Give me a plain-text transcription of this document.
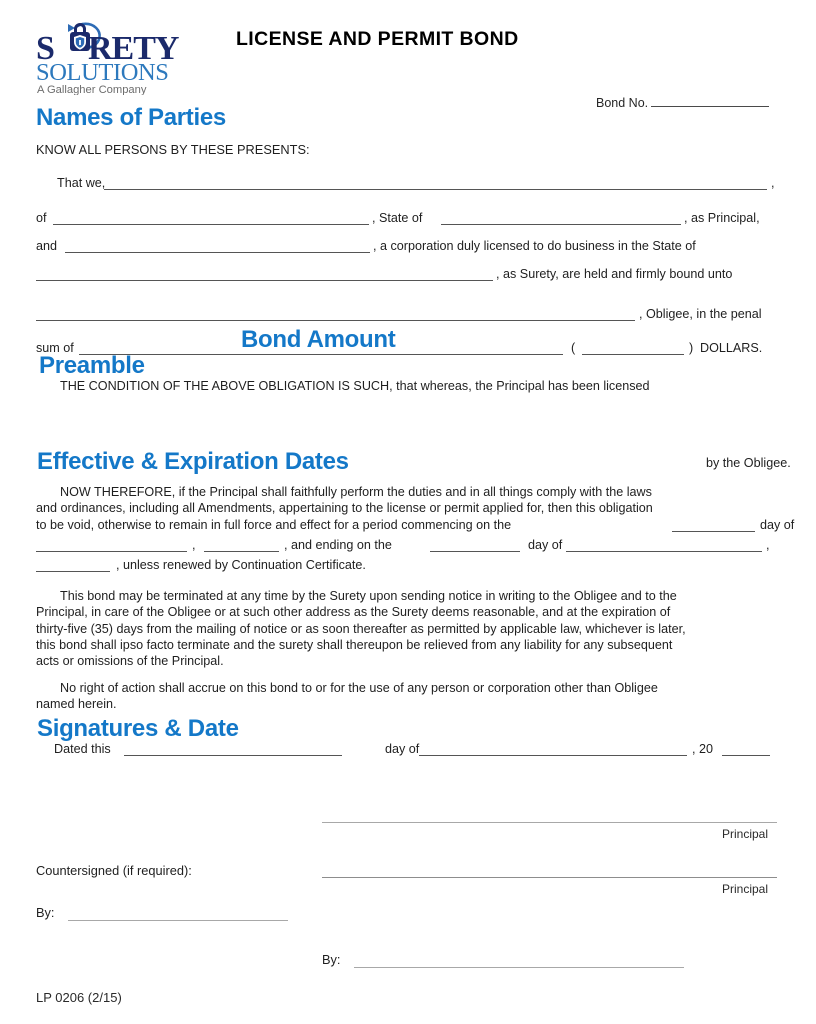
S RETY
SOLUTIONS
A Gallagher Company
LICENSE AND PERMIT BOND
Bond No.
Names of Parties
KNOW ALL PERSONS BY THESE PRESENTS:
That we,	,
of	, State of	, as Principal,
and	, a corporation duly licensed to do business in the State of
, as Surety, are held and firmly bound unto
, Obligee, in the penal
sum of	(	) DOLLARS.
Bond Amount
Preamble
THE CONDITION OF THE ABOVE OBLIGATION IS SUCH, that whereas, the Principal has been licensed
Effective & Expiration Dates	by the Obligee.
NOW THEREFORE, if the Principal shall faithfully perform the duties and in all things comply with the laws
and ordinances, including all Amendments, appertaining to the license or permit applied for, then this obligation
to be void, otherwise to remain in full force and effect for a period commencing on the	day of
,	, and ending on the	day of	,
, unless renewed by Continuation Certificate.
This bond may be terminated at any time by the Surety upon sending notice in writing to the Obligee and to the
Principal, in care of the Obligee or at such other address as the Surety deems reasonable, and at the expiration of
thirty-five (35) days from the mailing of notice or as soon thereafter as permitted by applicable law, whichever is later,
this bond shall ipso facto terminate and the surety shall thereupon be relieved from any liability for any subsequent
acts or omissions of the Principal.
No right of action shall accrue on this bond to or for the use of any person or corporation other than Obligee
named herein.
Signatures & Date
Dated this	day of	, 20
Principal
Principal
Countersigned (if required):
By:
By:
LP 0206 (2/15)
